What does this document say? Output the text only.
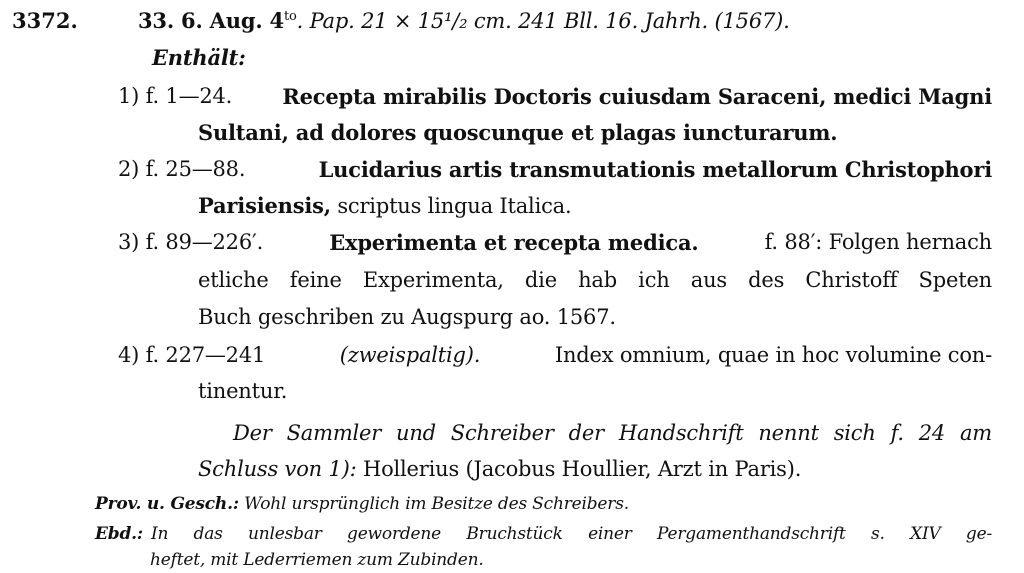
3372.	33. 6. Aug. $4^{to}$. Pap. 21 × 15¹/₂ cm. 241 Bll. 16. Jahrh. (1567).
Enthält:
1) f. 1—24. Recepta mirabilis Doctoris cuiusdam Saraceni, medici Magni
Sultani, ad dolores quoscunque et plagas iuncturarum.
2) f. 25—88.	Lucidarius artis transmutationis metallorum Christophori
Parisiensis, scriptus lingua Italica.
3) f. 89—226′.	Experimenta et recepta medica.	f. 88′: Folgen hernach
etliche feine Experimenta, die hab ich aus des Christoff Speten
Buch geschriben zu Augspurg ao. 1567.
4) f. 227—241	(zweispaltig).	Index omnium, quae in hoc volumine con-
tinentur.
Der Sammler und Schreiber der Handschrift nennt sich f. 24 am
Schluss von 1): Hollerius (Jacobus Houllier, Arzt in Paris).
Prov. u. Gesch.: Wohl ursprünglich im Besitze des Schreibers.
Ebd.: In das unlesbar gewordene Bruchstück einer Pergamenthandschrift s. XIV ge-
heftet, mit Lederriemen zum Zubinden.
